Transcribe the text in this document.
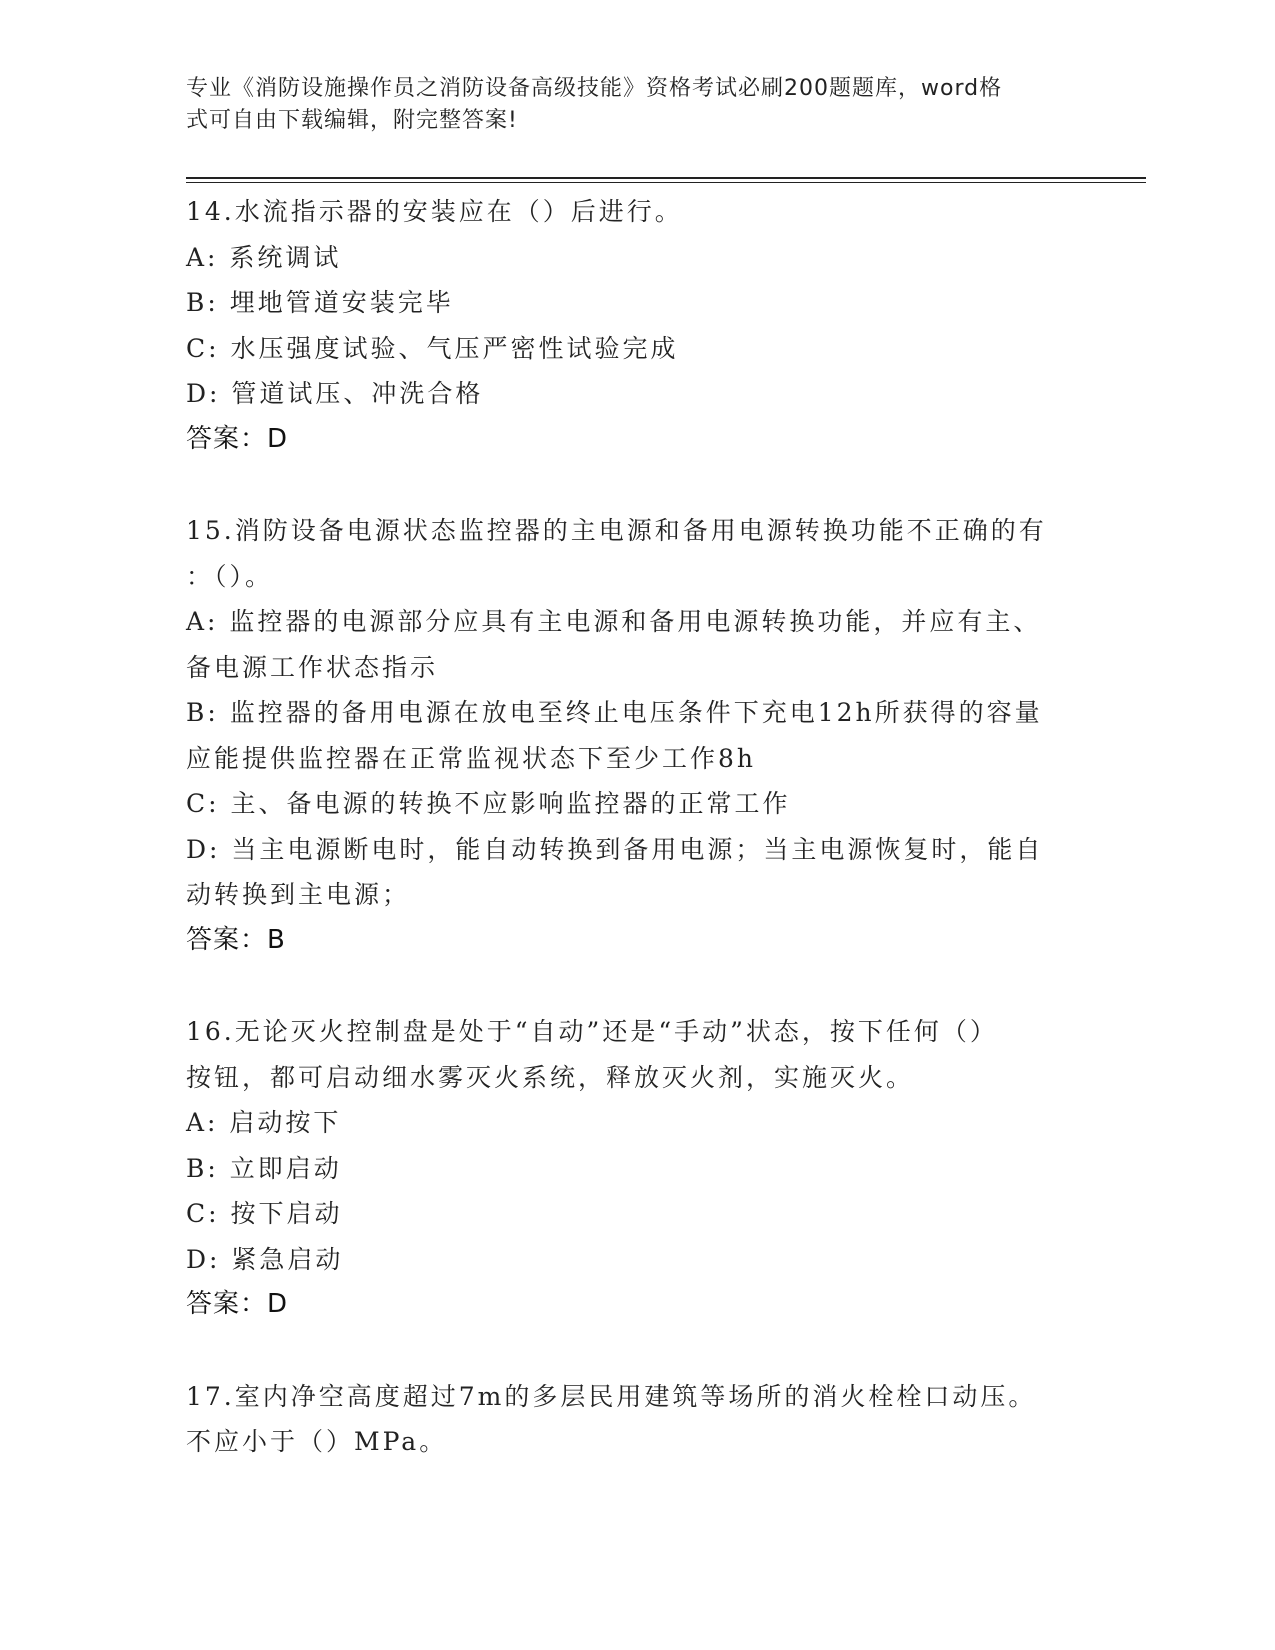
专业《消防设施操作员之消防设备高级技能》资格考试必刷200题题库，word格
式可自由下载编辑，附完整答案!
14.水流指示器的安装应在（）后进行。
A: 系统调试
B: 埋地管道安装完毕
C: 水压强度试验、气压严密性试验完成
D: 管道试压、冲洗合格
答案：D
15.消防设备电源状态监控器的主电源和备用电源转换功能不正确的有
：（）。
A: 监控器的电源部分应具有主电源和备用电源转换功能，并应有主、
备电源工作状态指示
B: 监控器的备用电源在放电至终止电压条件下充电12h所获得的容量
应能提供监控器在正常监视状态下至少工作8h
C: 主、备电源的转换不应影响监控器的正常工作
D: 当主电源断电时，能自动转换到备用电源；当主电源恢复时，能自
动转换到主电源；
答案：B
16.无论灭火控制盘是处于“自动”还是“手动”状态，按下任何（）
按钮，都可启动细水雾灭火系统，释放灭火剂，实施灭火。
A: 启动按下
B: 立即启动
C: 按下启动
D: 紧急启动
答案：D
17.室内净空高度超过7m的多层民用建筑等场所的消火栓栓口动压。
不应小于（）MPa。
